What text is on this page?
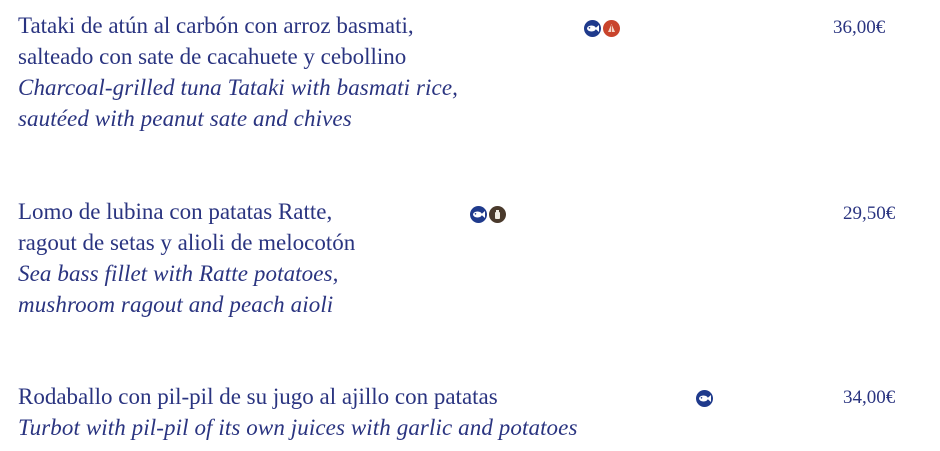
Tataki de atún al carbón con arroz basmati,
salteado con sate de cacahuete y cebollino
Charcoal-grilled tuna Tataki with basmati rice,
sautéed with peanut sate and chives
36,00€
Lomo de lubina con patatas Ratte,
ragout de setas y alioli de melocotón
Sea bass fillet with Ratte potatoes,
mushroom ragout and peach aioli
29,50€
Rodaballo con pil-pil de su jugo al ajillo con patatas
Turbot with pil-pil of its own juices with garlic and potatoes
34,00€
